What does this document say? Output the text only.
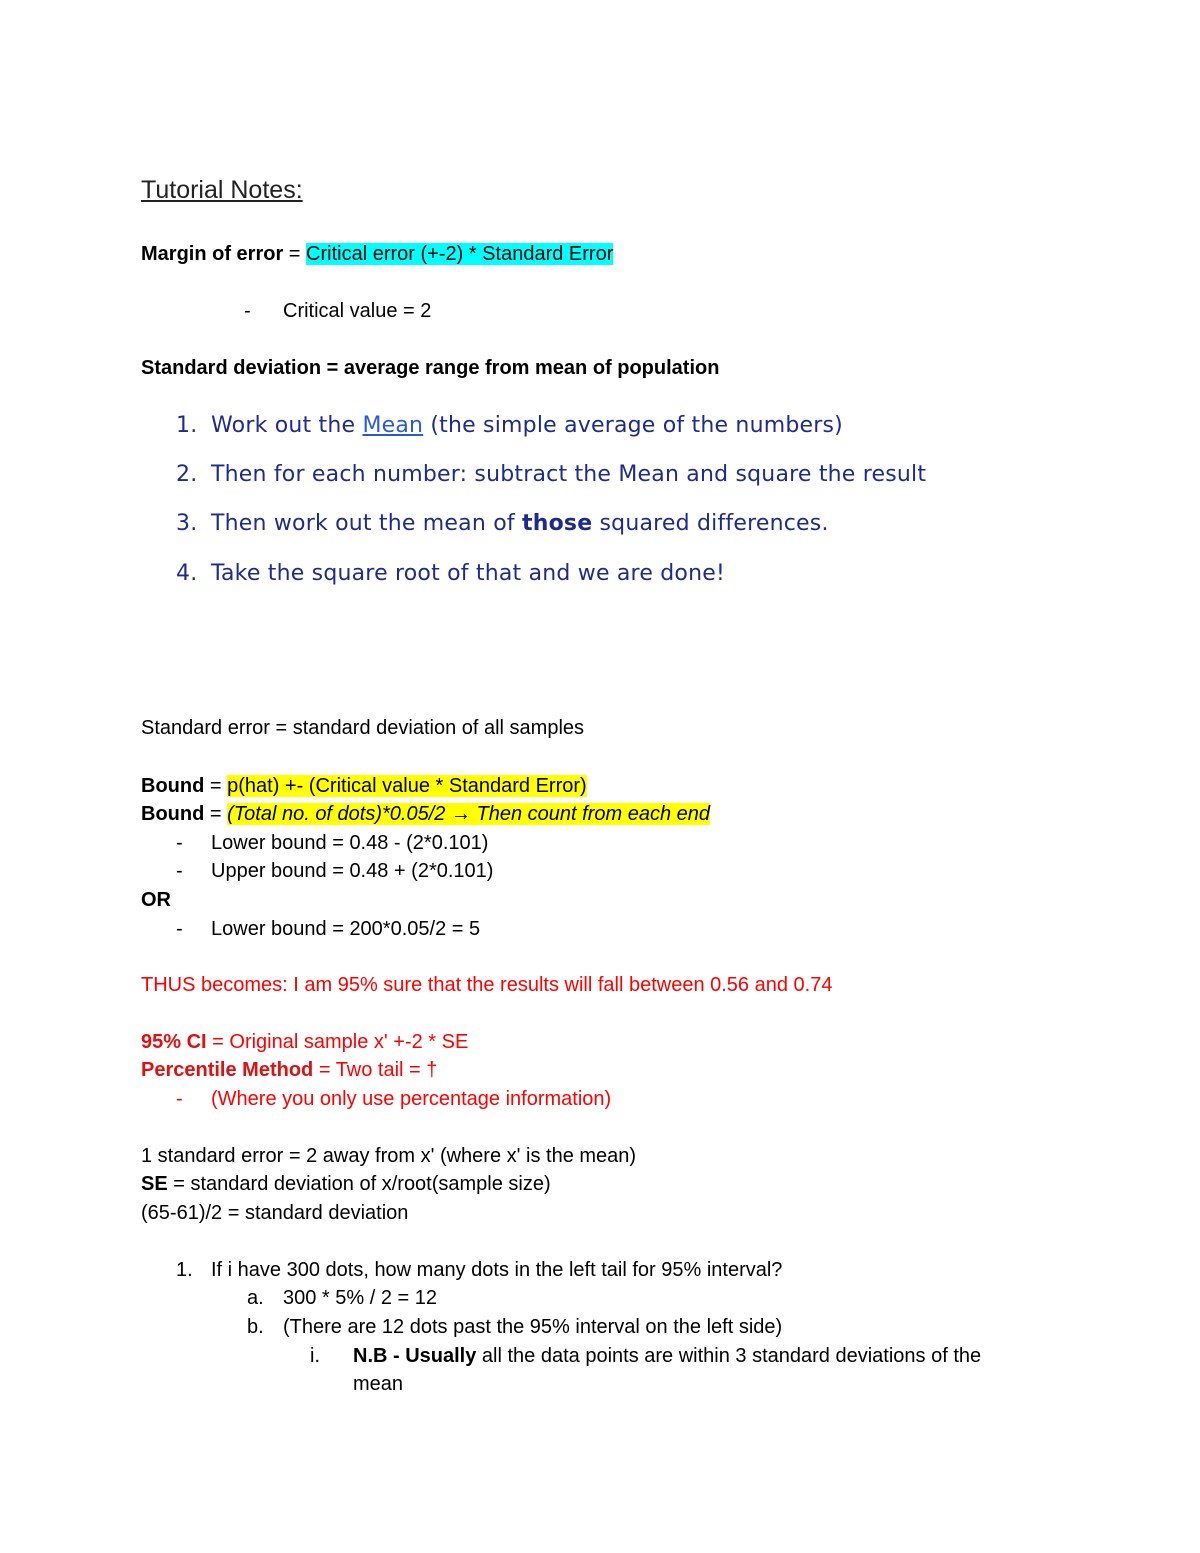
Tutorial Notes:
Margin of error = Critical error (+-2) * Standard Error
- Critical value = 2
Standard deviation = average range from mean of population
1. Work out the Mean (the simple average of the numbers)
2. Then for each number: subtract the Mean and square the result
3. Then work out the mean of those squared differences.
4. Take the square root of that and we are done!
Standard error = standard deviation of all samples
Bound = p(hat) +- (Critical value * Standard Error)
Bound = (Total no. of dots)*0.05/2 → Then count from each end
- Lower bound = 0.48 - (2*0.101)
- Upper bound = 0.48 + (2*0.101)
OR
- Lower bound = 200*0.05/2 = 5
THUS becomes: I am 95% sure that the results will fall between 0.56 and 0.74
95% CI = Original sample x' +-2 * SE
Percentile Method = Two tail = †
- (Where you only use percentage information)
1 standard error = 2 away from x' (where x' is the mean)
SE = standard deviation of x/root(sample size)
(65-61)/2 = standard deviation
1. If i have 300 dots, how many dots in the left tail for 95% interval?
a. 300 * 5% / 2 = 12
b. (There are 12 dots past the 95% interval on the left side)
i. N.B - Usually all the data points are within 3 standard deviations of the
mean
